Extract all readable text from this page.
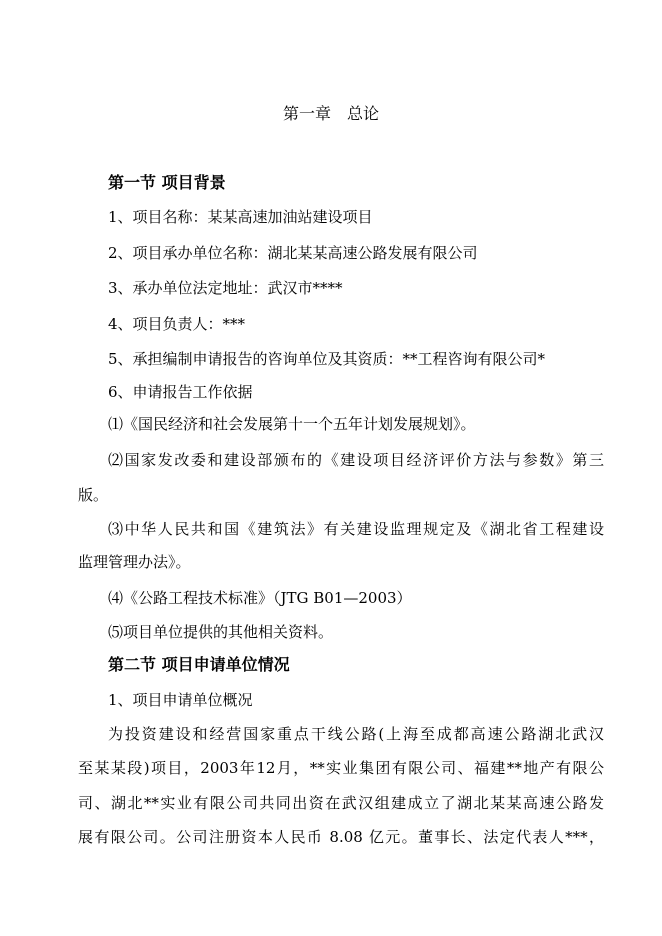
第一章　总论
第一节 项目背景
1、项目名称：某某高速加油站建设项目
2、项目承办单位名称：湖北某某高速公路发展有限公司
3、承办单位法定地址：武汉市****
4、项目负责人：***
5、承担编制申请报告的咨询单位及其资质：**工程咨询有限公司*
6、申请报告工作依据
⑴《国民经济和社会发展第十一个五年计划发展规划》。
⑵国家发改委和建设部颁布的《建设项目经济评价方法与参数》第三
版。
⑶中华人民共和国《建筑法》有关建设监理规定及《湖北省工程建设
监理管理办法》。
⑷《公路工程技术标准》（JTG B01—2003）
⑸项目单位提供的其他相关资料。
第二节 项目申请单位情况
1、项目申请单位概况
为投资建设和经营国家重点干线公路(上海至成都高速公路湖北武汉
至某某段)项目，2003年12月，**实业集团有限公司、福建**地产有限公
司、湖北**实业有限公司共同出资在武汉组建成立了湖北某某高速公路发
展有限公司。公司注册资本人民币 8.08 亿元。董事长、法定代表人***，
